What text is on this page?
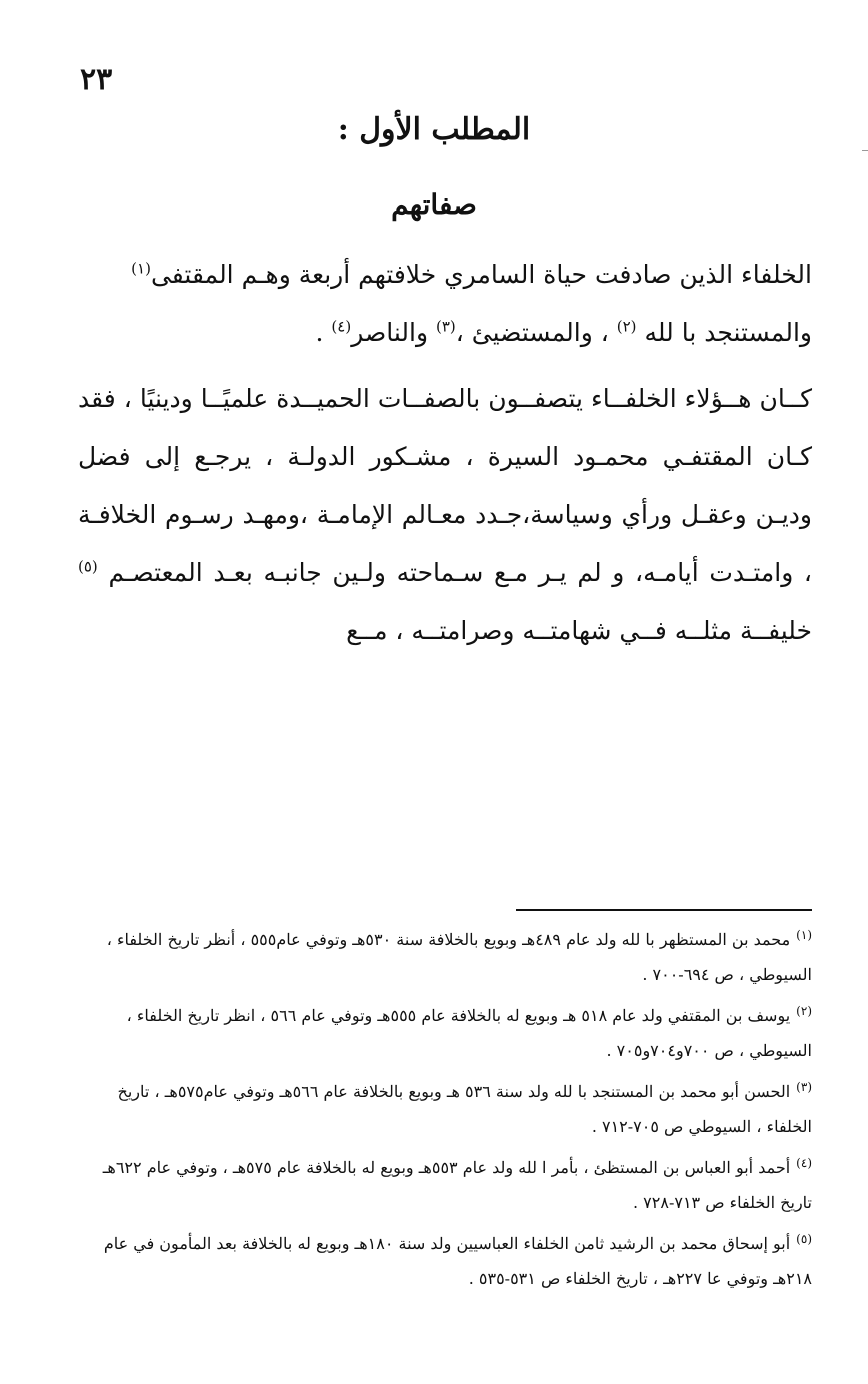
٢٣
المطلب الأول :
صفاتهم
الخلفاء الذين صادفت حياة السامري خلافتهم أربعة وهـم المقتفى$^{(١)}$
والمستنجد با لله $^{(٢)}$ ، والمستضيئ ،$^{(٣)}$ والناصر$^{(٤)}$ .
كــان هــؤلاء الخلفــاء يتصفــون بالصفــات الحميــدة علميًــا ودينيًا ، فقد كـان المقتفـي محمـود السيرة ، مشـكور الدولـة ، يرجـع إلى فضل وديـن وعقـل ورأي وسياسة،جـدد معـالم الإمامـة ،ومهـد رسـوم الخلافـة ، وامتـدت أيامـه، و لم يـر مـع سـماحته ولـين جانبـه بعـد المعتصـم $^{(٥)}$ خليفــة مثلــه فــي شهامتــه وصرامتــه ، مــع

$^{(١)}$محمد بن المستظهر با لله ولد عام ٤٨٩هـ وبويع بالخلافة سنة ٥٣٠هـ وتوفي عام٥٥٥ ، أنظر تاريخ الخلفاء ، السيوطي ، ص ٦٩٤-٧٠٠ .

$^{(٢)}$يوسف بن المقتفي ولد عام ٥١٨ هـ وبويع له بالخلافة عام ٥٥٥هـ وتوفي عام ٥٦٦ ، انظر تاريخ الخلفاء ، السيوطي ، ص ٧٠٠و٧٠٤و٧٠٥ .

$^{(٣)}$الحسن أبو محمد بن المستنجد با لله ولد سنة ٥٣٦ هـ وبويع بالخلافة عام ٥٦٦هـ وتوفي عام٥٧٥هـ ، تاريخ الخلفاء ، السيوطي ص ٧٠٥-٧١٢ .

$^{(٤)}$أحمد أبو العباس بن المستظئ ، بأمر ا لله ولد عام ٥٥٣هـ وبويع له بالخلافة عام ٥٧٥هـ ، وتوفي عام ٦٢٢هـ تاريخ الخلفاء ص ٧١٣-٧٢٨ .

$^{(٥)}$أبو إسحاق محمد بن الرشيد ثامن الخلفاء العباسيين ولد سنة ١٨٠هـ وبويع له بالخلافة بعد المأمون في عام ٢١٨هـ وتوفي عا ٢٢٧هـ ، تاريخ الخلفاء ص ٥٣١-٥٣٥ .
